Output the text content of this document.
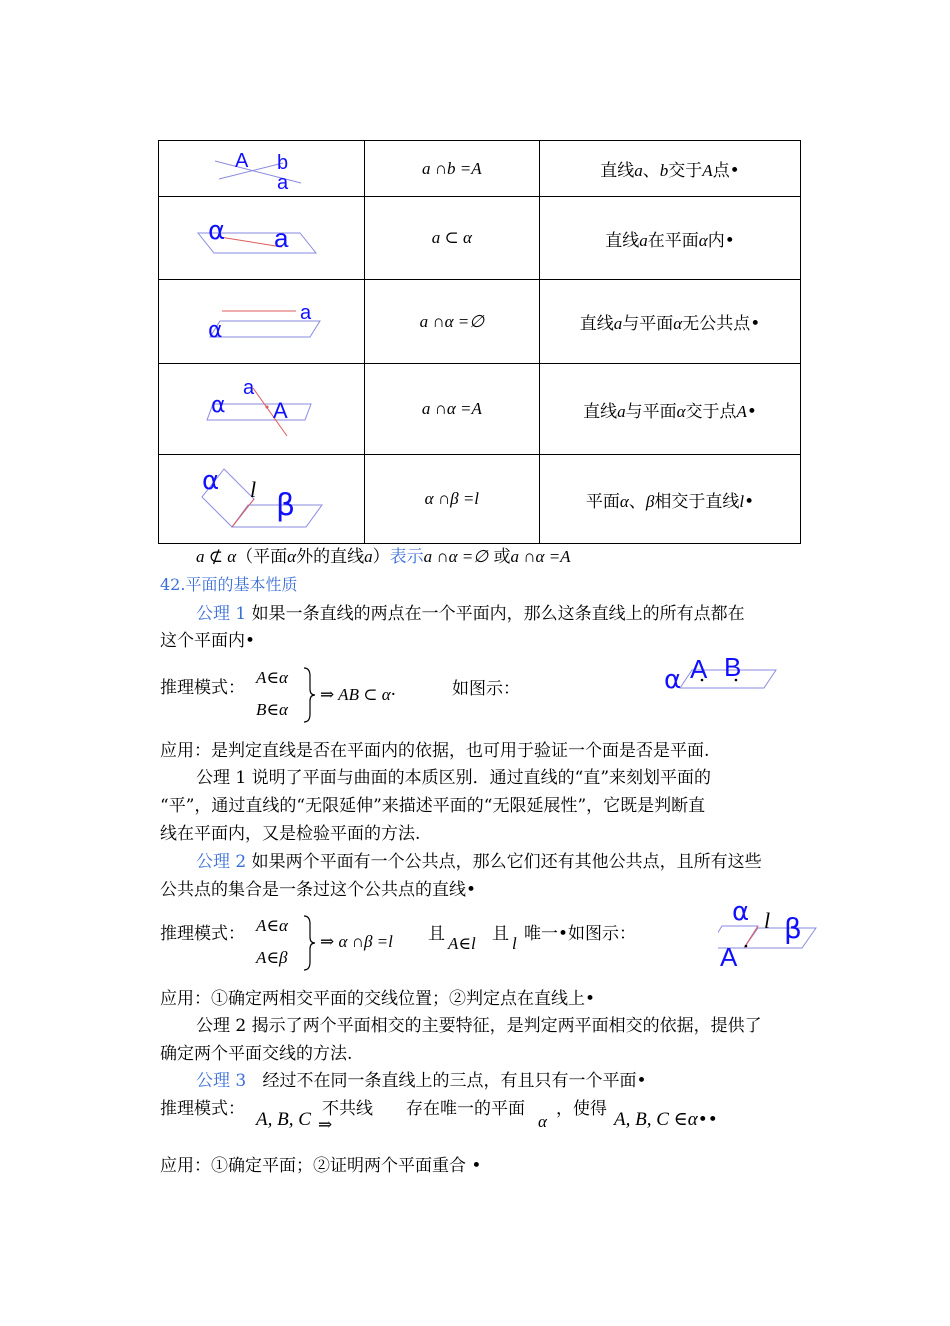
A b
a	a ∩b =A	直线a、b交于A点•

α a	a ⊂ α	直线a在平面α内•

α
a	a ∩α =∅	直线a与平面α无公共点•

α
a
A	a ∩α =A	直线a与平面α交于点A•

α l β	α ∩β =l	平面α、β相交于直线l•
a ⊄ α（平面α外的直线a）表示a ∩α =∅ 或a ∩α =A
42.平面的基本性质
公理 1 如果一条直线的两点在一个平面内，那么这条直线上的所有点都在
这个平面内•
推理模式：
A∈α
B∈α
⇒ AB ⊂ α·	如图示：	α A B
应用：是判定直线是否在平面内的依据，也可用于验证一个面是否是平面.
公理 1 说明了平面与曲面的本质区别．通过直线的“直”来刻划平面的
“平”，通过直线的“无限延伸”来描述平面的“无限延展性”，它既是判断直
线在平面内，又是检验平面的方法.
公理 2 如果两个平面有一个公共点，那么它们还有其他公共点，且所有这些
公共点的集合是一条过这个公共点的直线•
推理模式： A∈α
A∈β
⇒ α ∩β =l 且 A∈l 且 l 唯一•如图示：
α l β
A
应用：①确定两相交平面的交线位置；②判定点在直线上•
公理 2 揭示了两个平面相交的主要特征，是判定两平面相交的依据，提供了
确定两个平面交线的方法.
公理 3 经过不在同一条直线上的三点，有且只有一个平面•
推理模式： A, B, C 不共线
⇒
存在唯一的平面
α
，使得 A, B, C ∈α••
应用：①确定平面；②证明两个平面重合 •
